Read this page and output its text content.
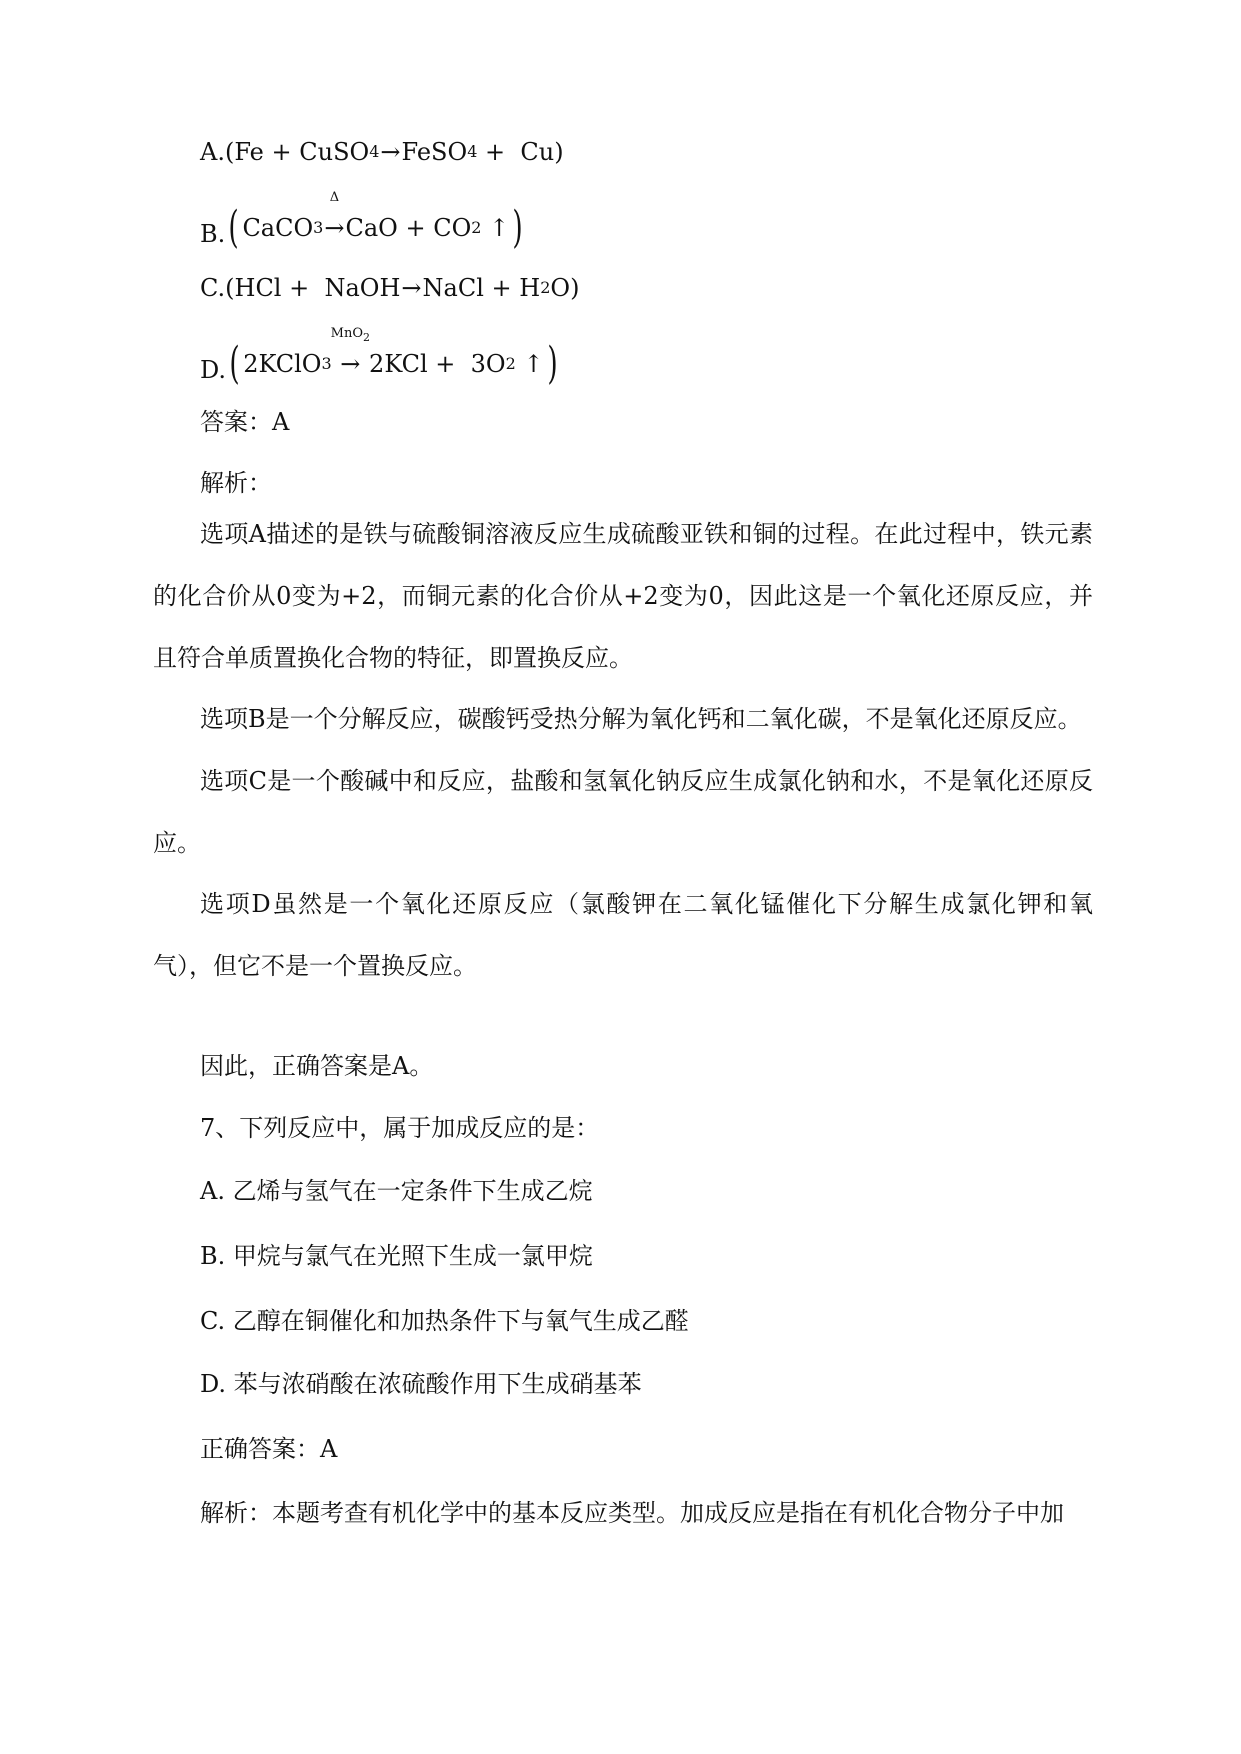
A. ( Fe
+
CuSO 4 → FeSO 4
+
Cu )
B. ( CaCO 3
Δ
→ CaO
+
CO 2
↑ )
C. ( HCl
+
NaOH → NaCl
+
H 2 O )
D. ( 2KClO 3

MnO$_2$
→
2KCl
+
3O 2
↑ )
答案：A
解析：
选项A描述的是铁与硫酸铜溶液反应生成硫酸亚铁和铜的过程。在此过程中，铁元素的化合价从0变为+2，而铜元素的化合价从+2变为0，因此这是一个氧化还原反应，并且符合单质置换化合物的特征，即置换反应。
选项B是一个分解反应，碳酸钙受热分解为氧化钙和二氧化碳，不是氧化还原反应。
选项C是一个酸碱中和反应，盐酸和氢氧化钠反应生成氯化钠和水，不是氧化还原反应。
选项D虽然是一个氧化还原反应（氯酸钾在二氧化锰催化下分解生成氯化钾和氧气），但它不是一个置换反应。
因此，正确答案是A。
7、下列反应中，属于加成反应的是：
A. 乙烯与氢气在一定条件下生成乙烷
B. 甲烷与氯气在光照下生成一氯甲烷
C. 乙醇在铜催化和加热条件下与氧气生成乙醛
D. 苯与浓硝酸在浓硫酸作用下生成硝基苯
正确答案：A
解析：本题考查有机化学中的基本反应类型。加成反应是指在有机化合物分子中加
